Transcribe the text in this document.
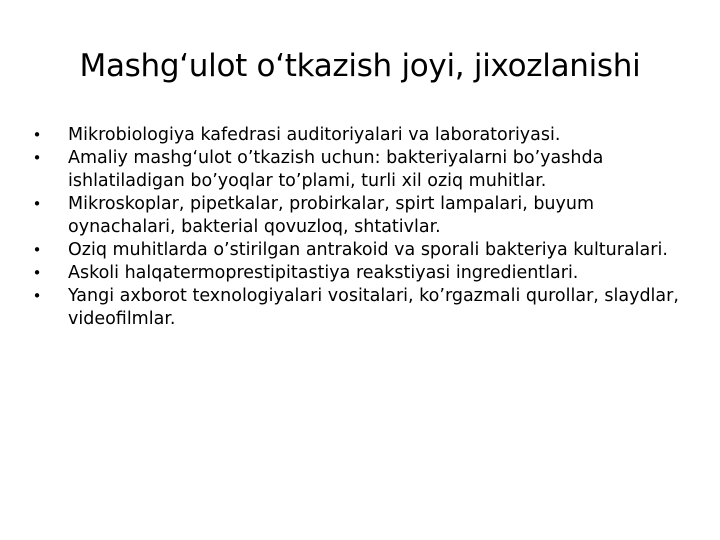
Mashg‘ulot o‘tkazish joyi, jixozlanishi
• Mikrobiologiya kafedrasi auditoriyalari va laboratoriyasi.
• Amaliy mashg‘ulot o’tkazish uchun: bakteriyalarni bo’yashda ishlatiladigan bo’yoqlar to’plami, turli xil oziq muhitlar.
• Mikroskoplar, pipetkalar, probirkalar, spirt lampalari, buyum oynachalari, bakterial qovuzloq, shtativlar.
• Oziq muhitlarda o’stirilgan antrakoid va sporali bakteriya kulturalari.
• Askoli halqatermoprestipitastiya reakstiyasi ingredientlari.
• Yangi axborot texnologiyalari vositalari, ko’rgazmali qurollar, slaydlar, videofilmlar.
